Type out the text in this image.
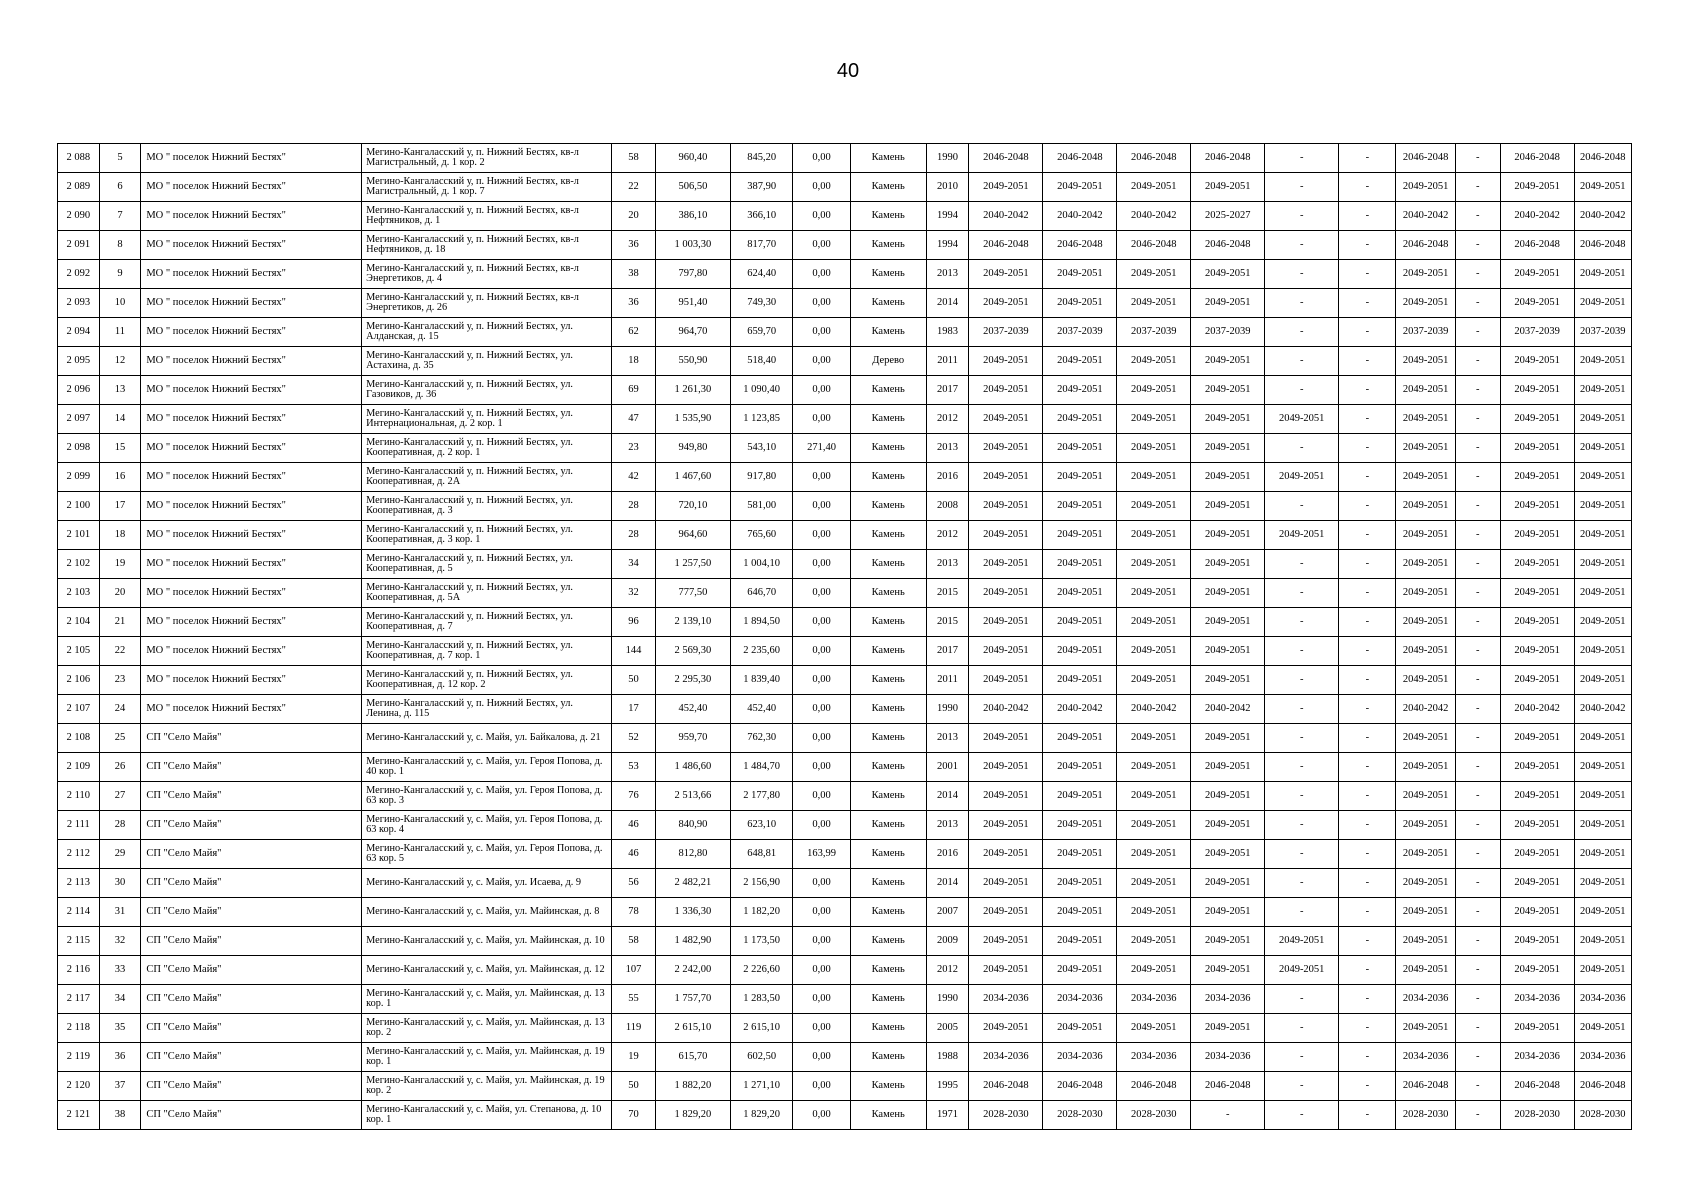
40
2 088	5	МО " поселок Нижний Бестях"	Мегино-Кангаласский у, п. Нижний Бестях, кв-л Магистральный, д. 1 кор. 2	58	960,40	845,20	0,00	Камень	1990	2046-2048	2046-2048	2046-2048	2046-2048	-	-	2046-2048	-	2046-2048	2046-2048
2 089	6	МО " поселок Нижний Бестях"	Мегино-Кангаласский у, п. Нижний Бестях, кв-л Магистральный, д. 1 кор. 7	22	506,50	387,90	0,00	Камень	2010	2049-2051	2049-2051	2049-2051	2049-2051	-	-	2049-2051	-	2049-2051	2049-2051
2 090	7	МО " поселок Нижний Бестях"	Мегино-Кангаласский у, п. Нижний Бестях, кв-л Нефтяников, д. 1	20	386,10	366,10	0,00	Камень	1994	2040-2042	2040-2042	2040-2042	2025-2027	-	-	2040-2042	-	2040-2042	2040-2042
2 091	8	МО " поселок Нижний Бестях"	Мегино-Кангаласский у, п. Нижний Бестях, кв-л Нефтяников, д. 18	36	1 003,30	817,70	0,00	Камень	1994	2046-2048	2046-2048	2046-2048	2046-2048	-	-	2046-2048	-	2046-2048	2046-2048
2 092	9	МО " поселок Нижний Бестях"	Мегино-Кангаласский у, п. Нижний Бестях, кв-л Энергетиков, д. 4	38	797,80	624,40	0,00	Камень	2013	2049-2051	2049-2051	2049-2051	2049-2051	-	-	2049-2051	-	2049-2051	2049-2051
2 093	10	МО " поселок Нижний Бестях"	Мегино-Кангаласский у, п. Нижний Бестях, кв-л Энергетиков, д. 26	36	951,40	749,30	0,00	Камень	2014	2049-2051	2049-2051	2049-2051	2049-2051	-	-	2049-2051	-	2049-2051	2049-2051
2 094	11	МО " поселок Нижний Бестях"	Мегино-Кангаласский у, п. Нижний Бестях, ул. Алданская, д. 15	62	964,70	659,70	0,00	Камень	1983	2037-2039	2037-2039	2037-2039	2037-2039	-	-	2037-2039	-	2037-2039	2037-2039
2 095	12	МО " поселок Нижний Бестях"	Мегино-Кангаласский у, п. Нижний Бестях, ул. Астахина, д. 35	18	550,90	518,40	0,00	Дерево	2011	2049-2051	2049-2051	2049-2051	2049-2051	-	-	2049-2051	-	2049-2051	2049-2051
2 096	13	МО " поселок Нижний Бестях"	Мегино-Кангаласский у, п. Нижний Бестях, ул. Газовиков, д. 36	69	1 261,30	1 090,40	0,00	Камень	2017	2049-2051	2049-2051	2049-2051	2049-2051	-	-	2049-2051	-	2049-2051	2049-2051
2 097	14	МО " поселок Нижний Бестях"	Мегино-Кангаласский у, п. Нижний Бестях, ул. Интернациональная, д. 2 кор. 1	47	1 535,90	1 123,85	0,00	Камень	2012	2049-2051	2049-2051	2049-2051	2049-2051	2049-2051	-	2049-2051	-	2049-2051	2049-2051
2 098	15	МО " поселок Нижний Бестях"	Мегино-Кангаласский у, п. Нижний Бестях, ул. Кооперативная, д. 2 кор. 1	23	949,80	543,10	271,40	Камень	2013	2049-2051	2049-2051	2049-2051	2049-2051	-	-	2049-2051	-	2049-2051	2049-2051
2 099	16	МО " поселок Нижний Бестях"	Мегино-Кангаласский у, п. Нижний Бестях, ул. Кооперативная, д. 2А	42	1 467,60	917,80	0,00	Камень	2016	2049-2051	2049-2051	2049-2051	2049-2051	2049-2051	-	2049-2051	-	2049-2051	2049-2051
2 100	17	МО " поселок Нижний Бестях"	Мегино-Кангаласский у, п. Нижний Бестях, ул. Кооперативная, д. 3	28	720,10	581,00	0,00	Камень	2008	2049-2051	2049-2051	2049-2051	2049-2051	-	-	2049-2051	-	2049-2051	2049-2051
2 101	18	МО " поселок Нижний Бестях"	Мегино-Кангаласский у, п. Нижний Бестях, ул. Кооперативная, д. 3 кор. 1	28	964,60	765,60	0,00	Камень	2012	2049-2051	2049-2051	2049-2051	2049-2051	2049-2051	-	2049-2051	-	2049-2051	2049-2051
2 102	19	МО " поселок Нижний Бестях"	Мегино-Кангаласский у, п. Нижний Бестях, ул. Кооперативная, д. 5	34	1 257,50	1 004,10	0,00	Камень	2013	2049-2051	2049-2051	2049-2051	2049-2051	-	-	2049-2051	-	2049-2051	2049-2051
2 103	20	МО " поселок Нижний Бестях"	Мегино-Кангаласский у, п. Нижний Бестях, ул. Кооперативная, д. 5А	32	777,50	646,70	0,00	Камень	2015	2049-2051	2049-2051	2049-2051	2049-2051	-	-	2049-2051	-	2049-2051	2049-2051
2 104	21	МО " поселок Нижний Бестях"	Мегино-Кангаласский у, п. Нижний Бестях, ул. Кооперативная, д. 7	96	2 139,10	1 894,50	0,00	Камень	2015	2049-2051	2049-2051	2049-2051	2049-2051	-	-	2049-2051	-	2049-2051	2049-2051
2 105	22	МО " поселок Нижний Бестях"	Мегино-Кангаласский у, п. Нижний Бестях, ул. Кооперативная, д. 7 кор. 1	144	2 569,30	2 235,60	0,00	Камень	2017	2049-2051	2049-2051	2049-2051	2049-2051	-	-	2049-2051	-	2049-2051	2049-2051
2 106	23	МО " поселок Нижний Бестях"	Мегино-Кангаласский у, п. Нижний Бестях, ул. Кооперативная, д. 12 кор. 2	50	2 295,30	1 839,40	0,00	Камень	2011	2049-2051	2049-2051	2049-2051	2049-2051	-	-	2049-2051	-	2049-2051	2049-2051
2 107	24	МО " поселок Нижний Бестях"	Мегино-Кангаласский у, п. Нижний Бестях, ул. Ленина, д. 115	17	452,40	452,40	0,00	Камень	1990	2040-2042	2040-2042	2040-2042	2040-2042	-	-	2040-2042	-	2040-2042	2040-2042
2 108	25	СП "Село Майя"	Мегино-Кангаласский у, с. Майя, ул. Байкалова, д. 21	52	959,70	762,30	0,00	Камень	2013	2049-2051	2049-2051	2049-2051	2049-2051	-	-	2049-2051	-	2049-2051	2049-2051
2 109	26	СП "Село Майя"	Мегино-Кангаласский у, с. Майя, ул. Героя Попова, д. 40 кор. 1	53	1 486,60	1 484,70	0,00	Камень	2001	2049-2051	2049-2051	2049-2051	2049-2051	-	-	2049-2051	-	2049-2051	2049-2051
2 110	27	СП "Село Майя"	Мегино-Кангаласский у, с. Майя, ул. Героя Попова, д. 63 кор. 3	76	2 513,66	2 177,80	0,00	Камень	2014	2049-2051	2049-2051	2049-2051	2049-2051	-	-	2049-2051	-	2049-2051	2049-2051
2 111	28	СП "Село Майя"	Мегино-Кангаласский у, с. Майя, ул. Героя Попова, д. 63 кор. 4	46	840,90	623,10	0,00	Камень	2013	2049-2051	2049-2051	2049-2051	2049-2051	-	-	2049-2051	-	2049-2051	2049-2051
2 112	29	СП "Село Майя"	Мегино-Кангаласский у, с. Майя, ул. Героя Попова, д. 63 кор. 5	46	812,80	648,81	163,99	Камень	2016	2049-2051	2049-2051	2049-2051	2049-2051	-	-	2049-2051	-	2049-2051	2049-2051
2 113	30	СП "Село Майя"	Мегино-Кангаласский у, с. Майя, ул. Исаева, д. 9	56	2 482,21	2 156,90	0,00	Камень	2014	2049-2051	2049-2051	2049-2051	2049-2051	-	-	2049-2051	-	2049-2051	2049-2051
2 114	31	СП "Село Майя"	Мегино-Кангаласский у, с. Майя, ул. Майинская, д. 8	78	1 336,30	1 182,20	0,00	Камень	2007	2049-2051	2049-2051	2049-2051	2049-2051	-	-	2049-2051	-	2049-2051	2049-2051
2 115	32	СП "Село Майя"	Мегино-Кангаласский у, с. Майя, ул. Майинская, д. 10	58	1 482,90	1 173,50	0,00	Камень	2009	2049-2051	2049-2051	2049-2051	2049-2051	2049-2051	-	2049-2051	-	2049-2051	2049-2051
2 116	33	СП "Село Майя"	Мегино-Кангаласский у, с. Майя, ул. Майинская, д. 12	107	2 242,00	2 226,60	0,00	Камень	2012	2049-2051	2049-2051	2049-2051	2049-2051	2049-2051	-	2049-2051	-	2049-2051	2049-2051
2 117	34	СП "Село Майя"	Мегино-Кангаласский у, с. Майя, ул. Майинская, д. 13 кор. 1	55	1 757,70	1 283,50	0,00	Камень	1990	2034-2036	2034-2036	2034-2036	2034-2036	-	-	2034-2036	-	2034-2036	2034-2036
2 118	35	СП "Село Майя"	Мегино-Кангаласский у, с. Майя, ул. Майинская, д. 13 кор. 2	119	2 615,10	2 615,10	0,00	Камень	2005	2049-2051	2049-2051	2049-2051	2049-2051	-	-	2049-2051	-	2049-2051	2049-2051
2 119	36	СП "Село Майя"	Мегино-Кангаласский у, с. Майя, ул. Майинская, д. 19 кор. 1	19	615,70	602,50	0,00	Камень	1988	2034-2036	2034-2036	2034-2036	2034-2036	-	-	2034-2036	-	2034-2036	2034-2036
2 120	37	СП "Село Майя"	Мегино-Кангаласский у, с. Майя, ул. Майинская, д. 19 кор. 2	50	1 882,20	1 271,10	0,00	Камень	1995	2046-2048	2046-2048	2046-2048	2046-2048	-	-	2046-2048	-	2046-2048	2046-2048
2 121	38	СП "Село Майя"	Мегино-Кангаласский у, с. Майя, ул. Степанова, д. 10 кор. 1	70	1 829,20	1 829,20	0,00	Камень	1971	2028-2030	2028-2030	2028-2030	-	-	-	2028-2030	-	2028-2030	2028-2030
